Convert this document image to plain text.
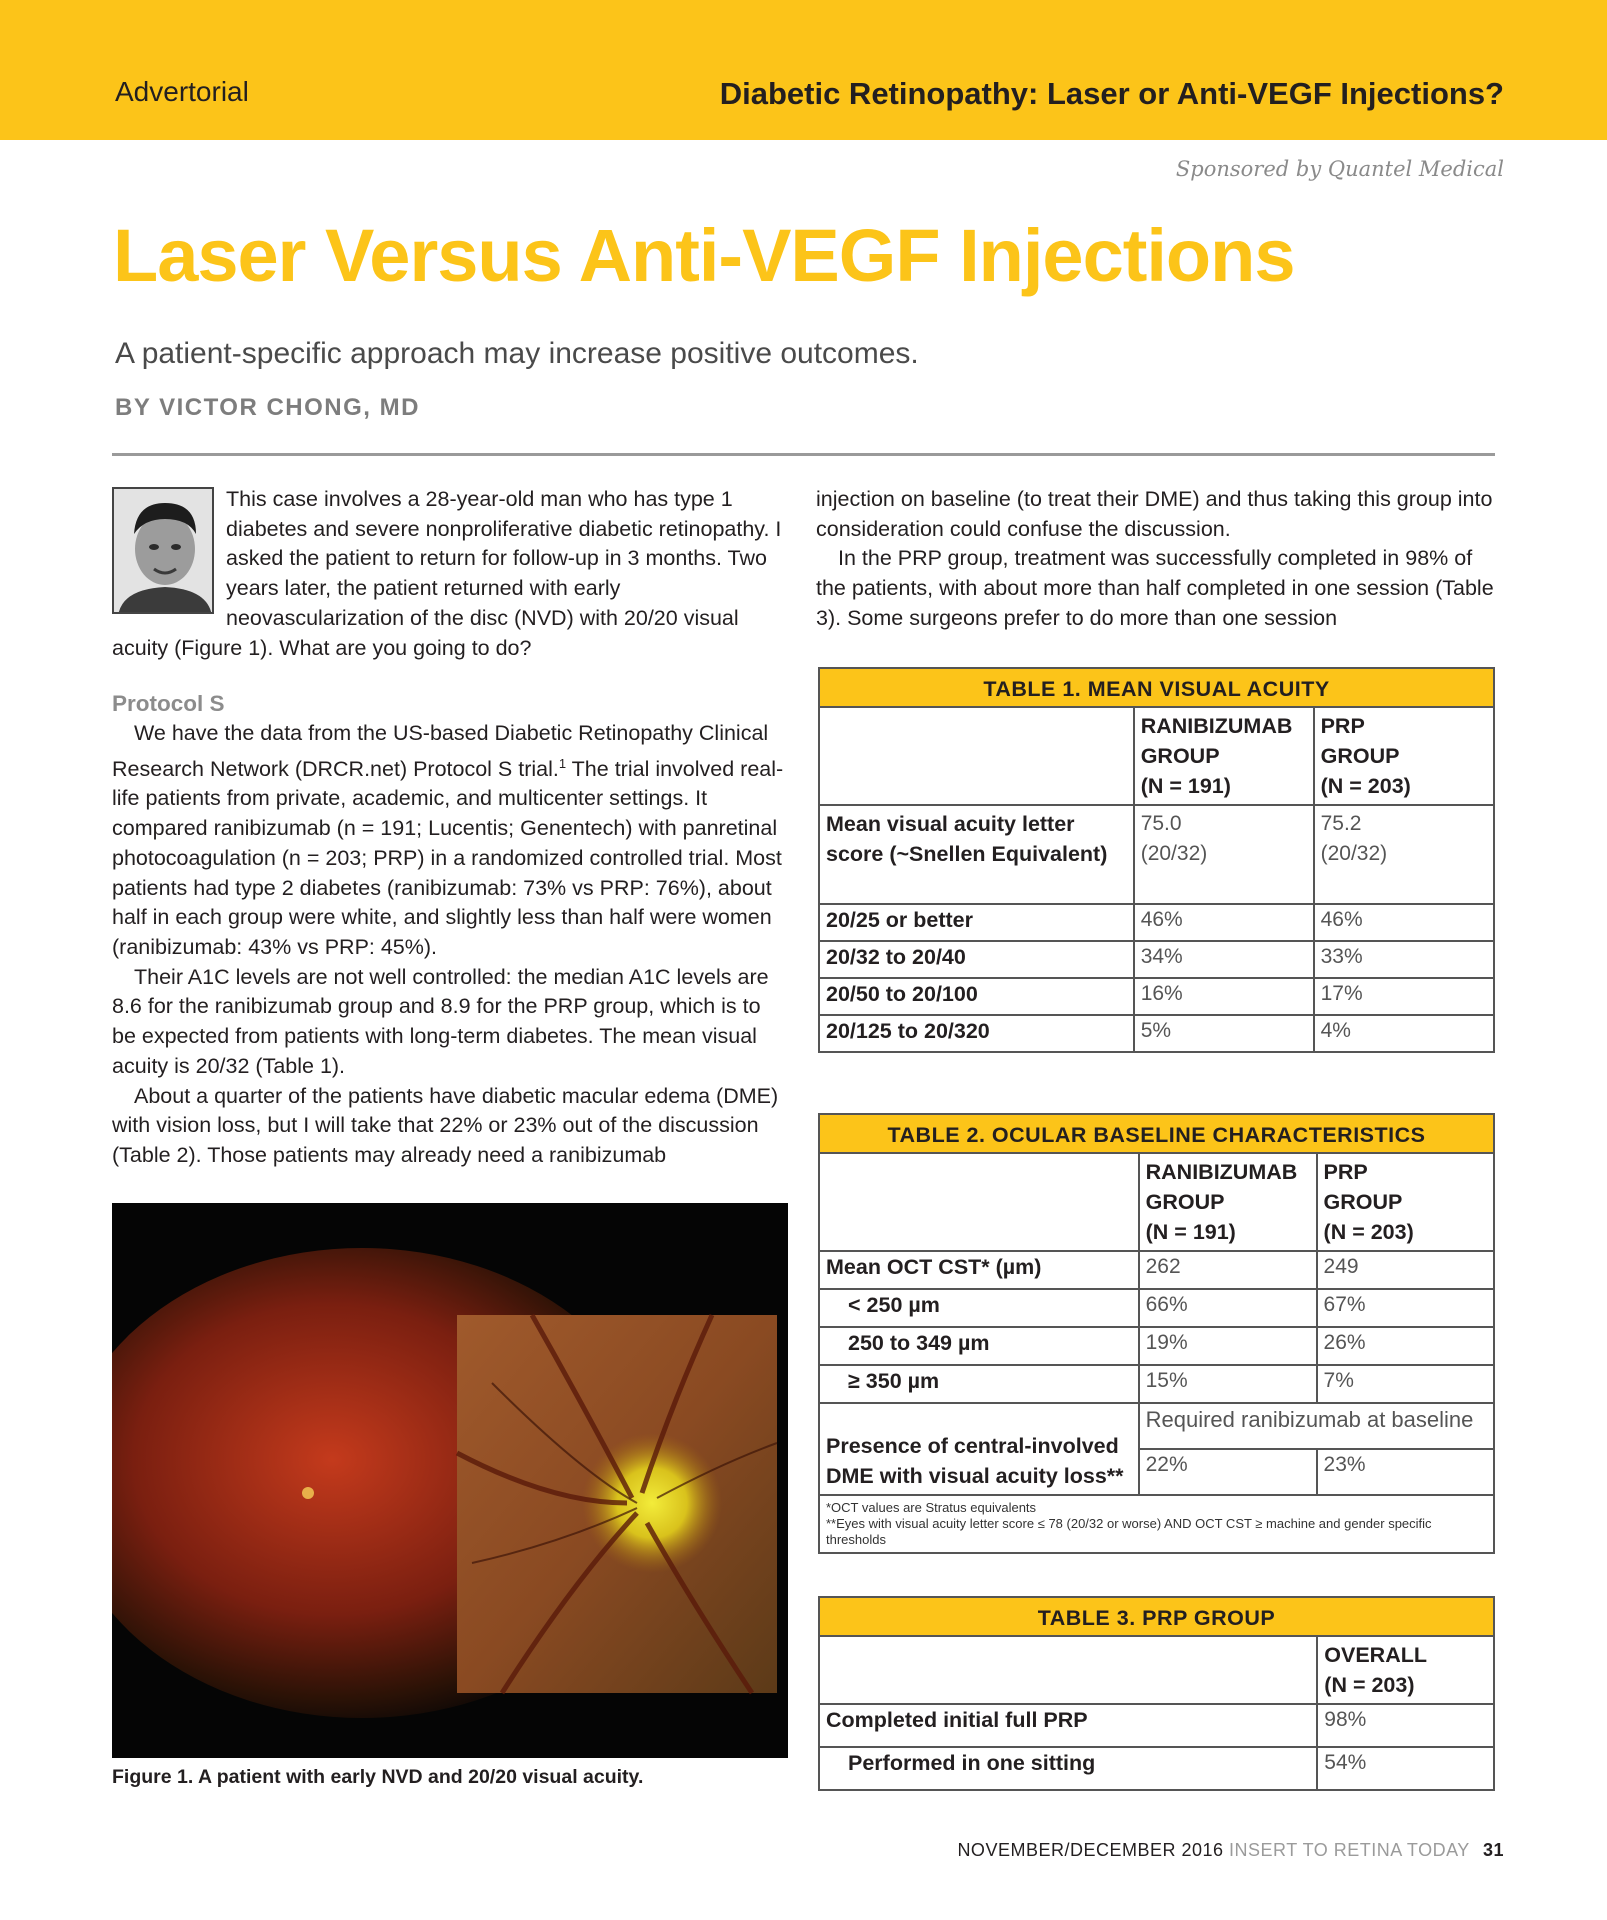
Advertorial	Diabetic Retinopathy: Laser or Anti-VEGF Injections?
Sponsored by Quantel Medical
Laser Versus Anti-VEGF Injections
A patient-specific approach may increase positive outcomes.
BY VICTOR CHONG, MD

This case involves a 28-year-old man who has type 1 diabetes and severe nonproliferative diabetic retinopathy. I asked the patient to return for follow-up in 3 months. Two years later, the patient returned with early neovascularization of the disc (NVD) with 20/20 visual acuity (Figure 1). What are you going to do?

Protocol S

We have the data from the US-based Diabetic Retinopathy Clinical Research Network (DRCR.net) Protocol S trial.$^1$ The trial involved real-life patients from private, academic, and multicenter settings. It compared ranibizumab (n = 191; Lucentis; Genentech) with panretinal photocoagulation (n = 203; PRP) in a randomized controlled trial. Most patients had type 2 diabetes (ranibizumab: 73% vs PRP: 76%), about half in each group were white, and slightly less than half were women (ranibizumab: 43% vs PRP: 45%).

Their A1C levels are not well controlled: the median A1C levels are 8.6 for the ranibizumab group and 8.9 for the PRP group, which is to be expected from patients with long-term diabetes. The mean visual acuity is 20/32 (Table 1).

About a quarter of the patients have diabetic macular edema (DME) with vision loss, but I will take that 22% or 23% out of the discussion (Table 2). Those patients may already need a ranibizumab

injection on baseline (to treat their DME) and thus taking this group into consideration could confuse the discussion.

In the PRP group, treatment was successfully completed in 98% of the patients, with about more than half completed in one session (Table 3). Some surgeons prefer to do more than one session

TABLE 1. MEAN VISUAL ACUITY		
	RANIBIZUMAB
GROUP
(N = 191)	PRP
GROUP
(N = 203)
Mean visual acuity letter score (~Snellen Equivalent)	75.0
(20/32)	75.2
(20/32)
20/25 or better	46%	46%
20/32 to 20/40	34%	33%
20/50 to 20/100	16%	17%
20/125 to 20/320	5%	4%
TABLE 2. OCULAR BASELINE CHARACTERISTICS		
	RANIBIZUMAB
GROUP
(N = 191)	PRP
GROUP
(N = 203)
Mean OCT CST* (µm)	262	249
< 250 µm	66%	67%
250 to 349 µm	19%	26%
≥ 350 µm	15%	7%
Presence of central-involved DME with visual acuity loss**	Required ranibizumab at baseline	
	22%	23%

*OCT values are Stratus equivalents
**Eyes with visual acuity letter score ≤ 78 (20/32 or worse) AND OCT CST ≥ machine and gender specific thresholds		
TABLE 3. PRP GROUP	
	OVERALL
(N = 203)
Completed initial full PRP	98%
Performed in one sitting	54%
Figure 1. A patient with early NVD and 20/20 visual acuity.
NOVEMBER/DECEMBER 2016 INSERT TO RETINA TODAY 31
